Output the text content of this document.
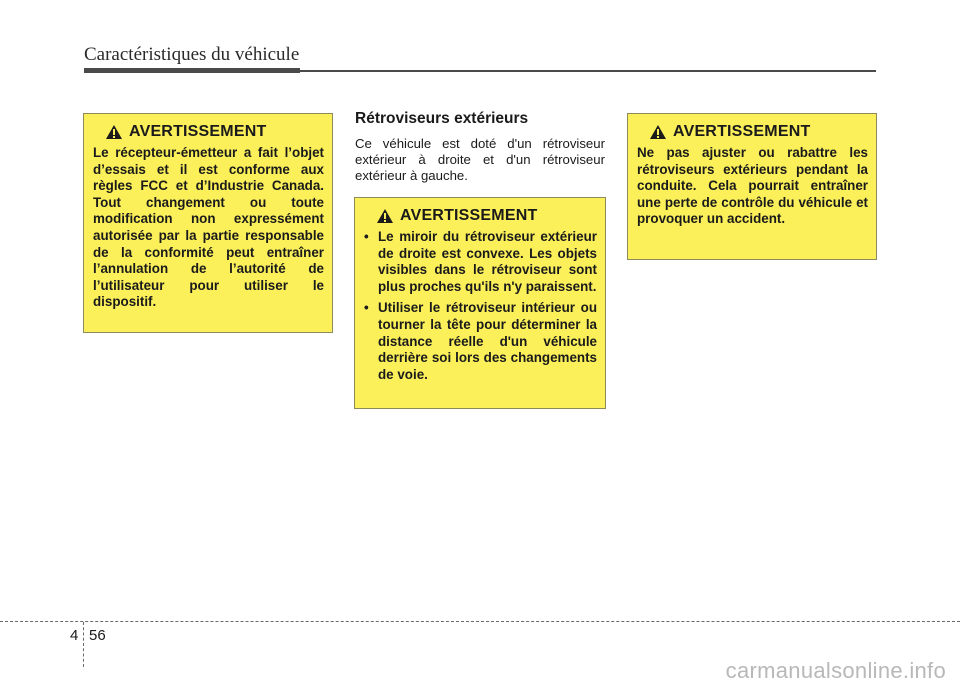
Caractéristiques du véhicule
AVERTISSEMENT
Le récepteur-émetteur a fait l’objet d’essais et il est conforme aux règles FCC et d’Industrie Canada. Tout changement ou toute modification non expressément autorisée par la partie responsable de la conformité peut entraîner l’annulation de l’autorité de l’utilisateur pour utiliser le dispositif.
Rétroviseurs extérieurs
Ce véhicule est doté d'un rétroviseur extérieur à droite et d'un rétroviseur extérieur à gauche.
AVERTISSEMENT
• Le miroir du rétroviseur extérieur de droite est convexe. Les objets visibles dans le rétroviseur sont plus proches qu'ils n'y paraissent.
• Utiliser le rétroviseur intérieur ou tourner la tête pour déterminer la distance réelle d'un véhicule derrière soi lors des changements de voie.
AVERTISSEMENT
Ne pas ajuster ou rabattre les rétroviseurs extérieurs pendant la conduite. Cela pourrait entraîner une perte de contrôle du véhicule et provoquer un accident.
4 56
carmanualsonline.info
